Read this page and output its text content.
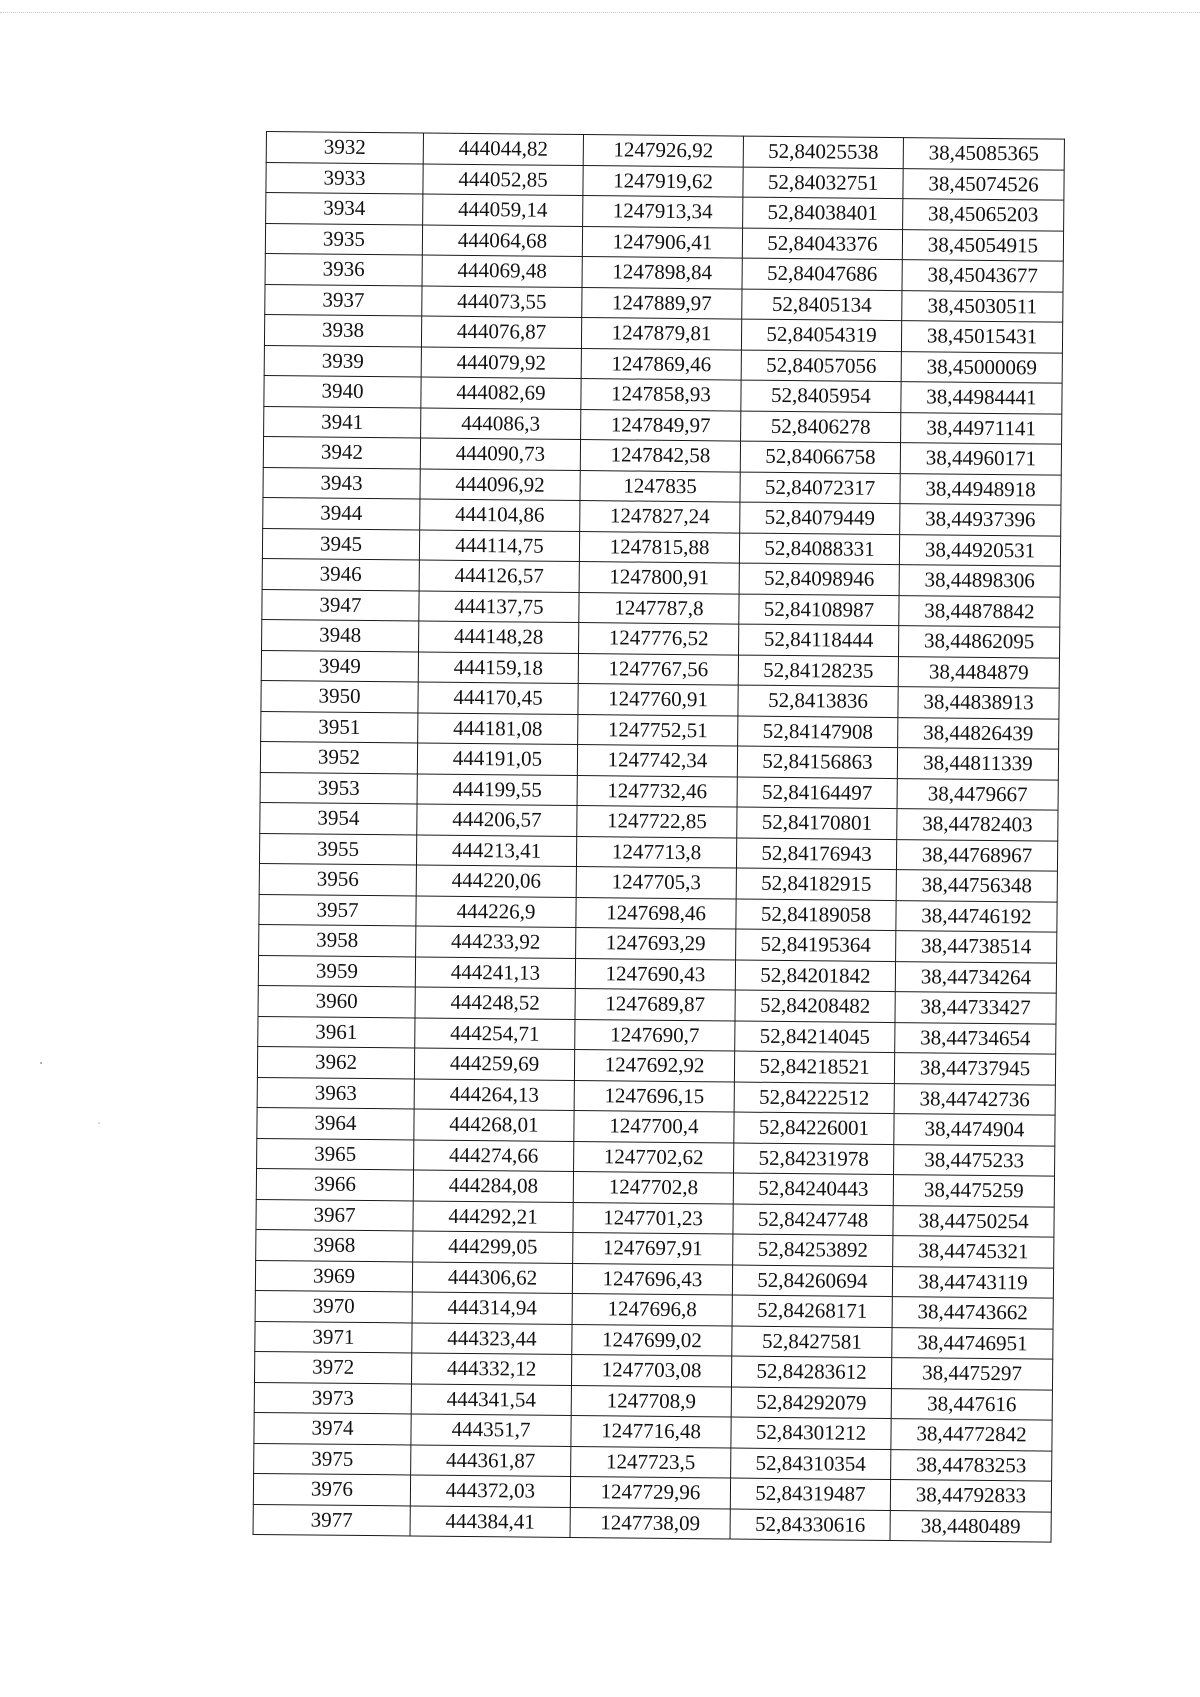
3932	444044,82	1247926,92	52,84025538	38,45085365
3933	444052,85	1247919,62	52,84032751	38,45074526
3934	444059,14	1247913,34	52,84038401	38,45065203
3935	444064,68	1247906,41	52,84043376	38,45054915
3936	444069,48	1247898,84	52,84047686	38,45043677
3937	444073,55	1247889,97	52,8405134	38,45030511
3938	444076,87	1247879,81	52,84054319	38,45015431
3939	444079,92	1247869,46	52,84057056	38,45000069
3940	444082,69	1247858,93	52,8405954	38,44984441
3941	444086,3	1247849,97	52,8406278	38,44971141
3942	444090,73	1247842,58	52,84066758	38,44960171
3943	444096,92	1247835	52,84072317	38,44948918
3944	444104,86	1247827,24	52,84079449	38,44937396
3945	444114,75	1247815,88	52,84088331	38,44920531
3946	444126,57	1247800,91	52,84098946	38,44898306
3947	444137,75	1247787,8	52,84108987	38,44878842
3948	444148,28	1247776,52	52,84118444	38,44862095
3949	444159,18	1247767,56	52,84128235	38,4484879
3950	444170,45	1247760,91	52,8413836	38,44838913
3951	444181,08	1247752,51	52,84147908	38,44826439
3952	444191,05	1247742,34	52,84156863	38,44811339
3953	444199,55	1247732,46	52,84164497	38,4479667
3954	444206,57	1247722,85	52,84170801	38,44782403
3955	444213,41	1247713,8	52,84176943	38,44768967
3956	444220,06	1247705,3	52,84182915	38,44756348
3957	444226,9	1247698,46	52,84189058	38,44746192
3958	444233,92	1247693,29	52,84195364	38,44738514
3959	444241,13	1247690,43	52,84201842	38,44734264
3960	444248,52	1247689,87	52,84208482	38,44733427
3961	444254,71	1247690,7	52,84214045	38,44734654
3962	444259,69	1247692,92	52,84218521	38,44737945
3963	444264,13	1247696,15	52,84222512	38,44742736
3964	444268,01	1247700,4	52,84226001	38,4474904
3965	444274,66	1247702,62	52,84231978	38,4475233
3966	444284,08	1247702,8	52,84240443	38,4475259
3967	444292,21	1247701,23	52,84247748	38,44750254
3968	444299,05	1247697,91	52,84253892	38,44745321
3969	444306,62	1247696,43	52,84260694	38,44743119
3970	444314,94	1247696,8	52,84268171	38,44743662
3971	444323,44	1247699,02	52,8427581	38,44746951
3972	444332,12	1247703,08	52,84283612	38,4475297
3973	444341,54	1247708,9	52,84292079	38,447616
3974	444351,7	1247716,48	52,84301212	38,44772842
3975	444361,87	1247723,5	52,84310354	38,44783253
3976	444372,03	1247729,96	52,84319487	38,44792833
3977	444384,41	1247738,09	52,84330616	38,4480489
